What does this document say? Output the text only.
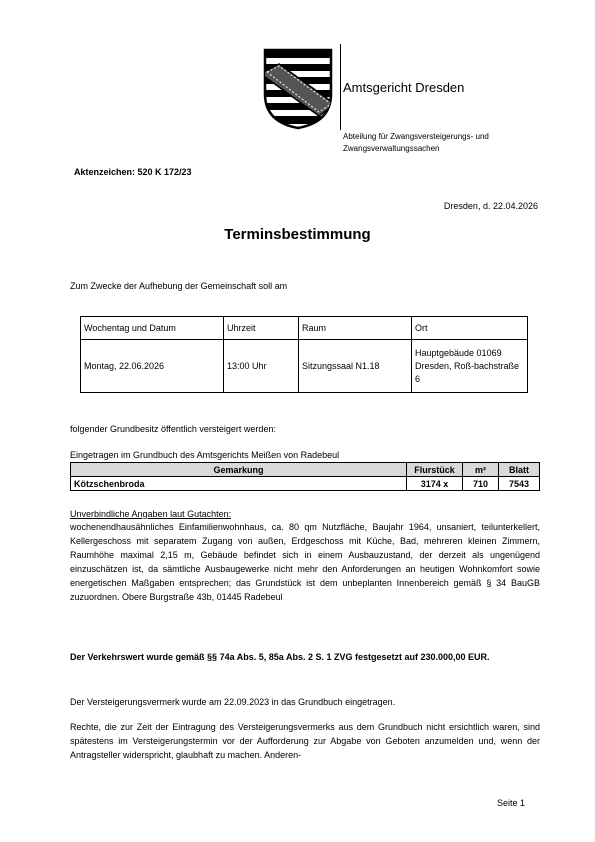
Amtsgericht Dresden
Abteilung für Zwangsversteigerungs- und Zwangsverwaltungssachen
Aktenzeichen: 520 K 172/23
Dresden, d. 22.04.2026
Terminsbestimmung
Zum Zwecke der Aufhebung der Gemeinschaft soll am
Wochentag und Datum	Uhrzeit	Raum	Ort
Montag, 22.06.2026	13:00 Uhr	Sitzungssaal N1.18	Hauptgebäude 01069 Dresden, Roß-bachstraße 6
folgender Grundbesitz öffentlich versteigert werden:
Eingetragen im Grundbuch des Amtsgerichts Meißen von Radebeul
Gemarkung	Flurstück	m²	Blatt
Kötzschenbroda	3174 x	710	7543
Unverbindliche Angaben laut Gutachten:
wochenendhausähnliches Einfamilienwohnhaus, ca. 80 qm Nutzfläche, Baujahr 1964, unsaniert, teilunterkellert, Kellergeschoss mit separatem Zugang von außen, Erdgeschoss mit Küche, Bad, mehreren kleinen Zimmern, Raumhöhe maximal 2,15 m, Gebäude befindet sich in einem Ausbauzustand, der derzeit als ungenügend einzuschätzen ist, da sämtliche Ausbaugewerke nicht mehr den Anforderungen an heutigen Wohnkomfort sowie energetischen Maßgaben entsprechen; das Grundstück ist dem unbeplanten Innenbereich gemäß § 34 BauGB zuzuordnen. Obere Burgstraße 43b, 01445 Radebeul
Der Verkehrswert wurde gemäß §§ 74a Abs. 5, 85a Abs. 2 S. 1 ZVG festgesetzt auf 230.000,00 EUR.
Der Versteigerungsvermerk wurde am 22.09.2023 in das Grundbuch eingetragen.
Rechte, die zur Zeit der Eintragung des Versteigerungsvermerks aus dem Grundbuch nicht ersichtlich waren, sind spätestens im Versteigerungstermin vor der Aufforderung zur Abgabe von Geboten anzumelden und, wenn der Antragsteller widerspricht, glaubhaft zu machen. Anderen-
Seite 1
